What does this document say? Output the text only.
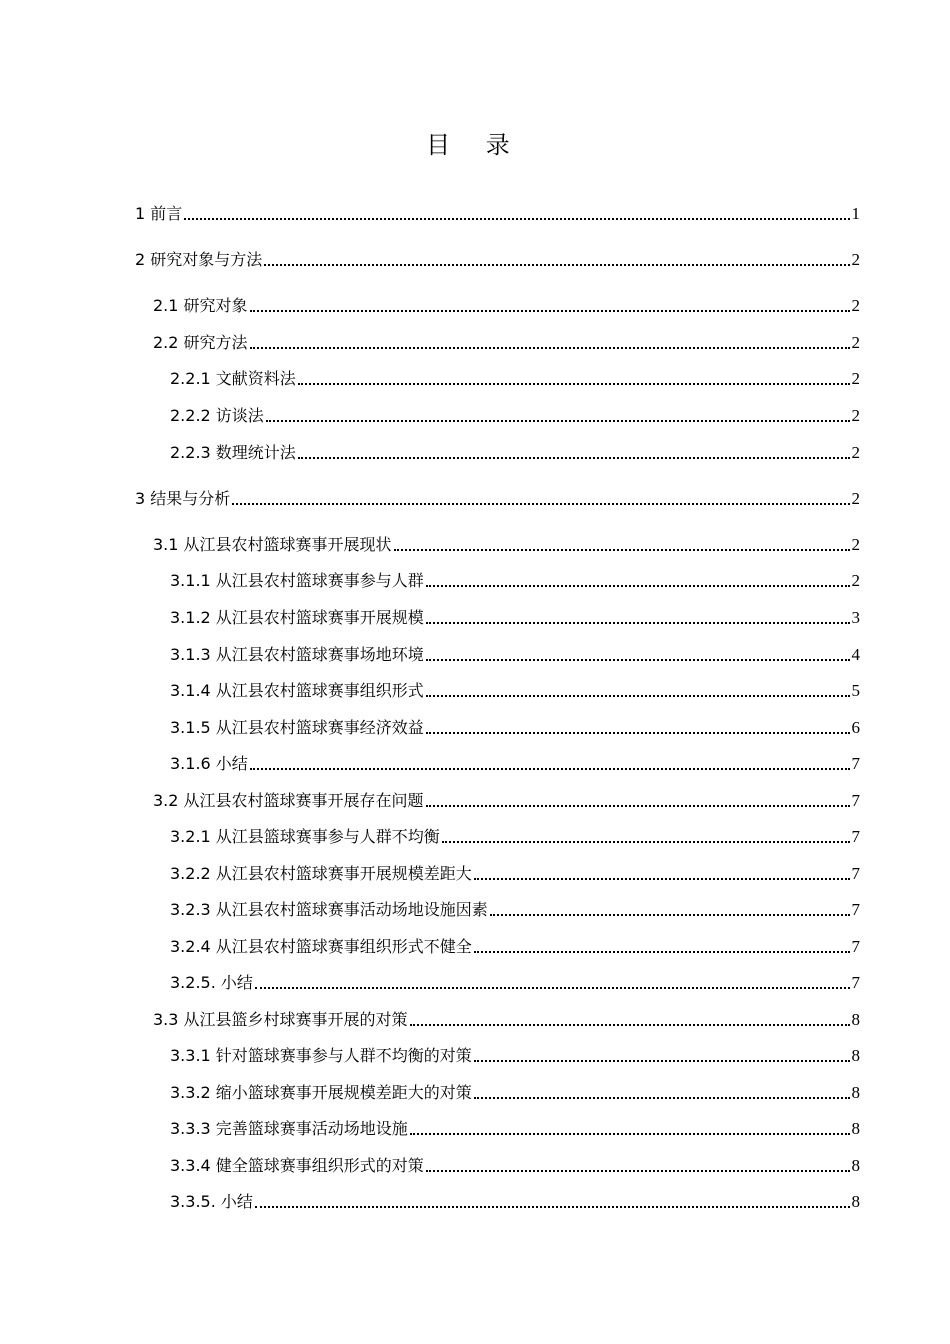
目 录
1 前言	1
2 研究对象与方法	2
2.1 研究对象	2
2.2 研究方法	2
2.2.1 文献资料法	2
2.2.2 访谈法	2
2.2.3 数理统计法	2
3 结果与分析	2
3.1 从江县农村篮球赛事开展现状	2
3.1.1 从江县农村篮球赛事参与人群	2
3.1.2 从江县农村篮球赛事开展规模	3
3.1.3 从江县农村篮球赛事场地环境	4
3.1.4 从江县农村篮球赛事组织形式	5
3.1.5 从江县农村篮球赛事经济效益	6
3.1.6 小结	7
3.2 从江县农村篮球赛事开展存在问题	7
3.2.1 从江县篮球赛事参与人群不均衡	7
3.2.2 从江县农村篮球赛事开展规模差距大	7
3.2.3 从江县农村篮球赛事活动场地设施因素	7
3.2.4 从江县农村篮球赛事组织形式不健全	7
3.2.5. 小结	7
3.3 从江县篮乡村球赛事开展的对策	8
3.3.1 针对篮球赛事参与人群不均衡的对策	8
3.3.2 缩小篮球赛事开展规模差距大的对策	8
3.3.3 完善篮球赛事活动场地设施	8
3.3.4 健全篮球赛事组织形式的对策	8
3.3.5. 小结	8
